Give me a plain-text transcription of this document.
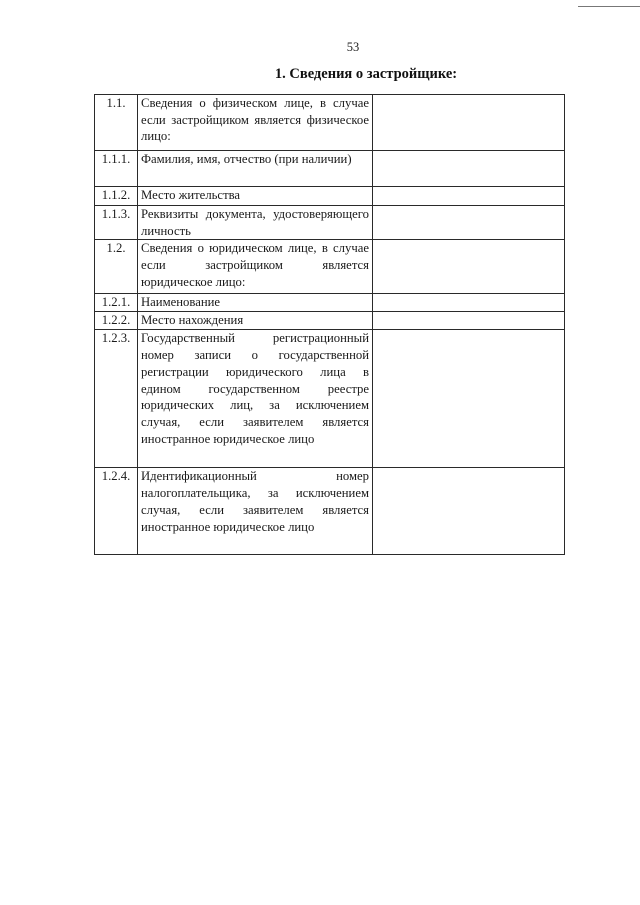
53
1. Сведения о застройщике:
1.1.	Сведения о физическом лице, в случае если застройщиком является физическое лицо:	
1.1.1.	Фамилия, имя, отчество (при наличии)	
1.1.2.	Место жительства	
1.1.3.	Реквизиты документа, удостоверяющего личность	
1.2.	Сведения о юридическом лице, в случае если застройщиком является юридическое лицо:	
1.2.1.	Наименование	
1.2.2.	Место нахождения	
1.2.3.	Государственный регистрационный номер записи о государственной регистрации юридического лица в едином государственном реестре юридических лиц, за исключением случая, если заявителем является иностранное юридическое лицо	
1.2.4.	Идентификационный номер налогоплательщика, за исключением случая, если заявителем является иностранное юридическое лицо	
